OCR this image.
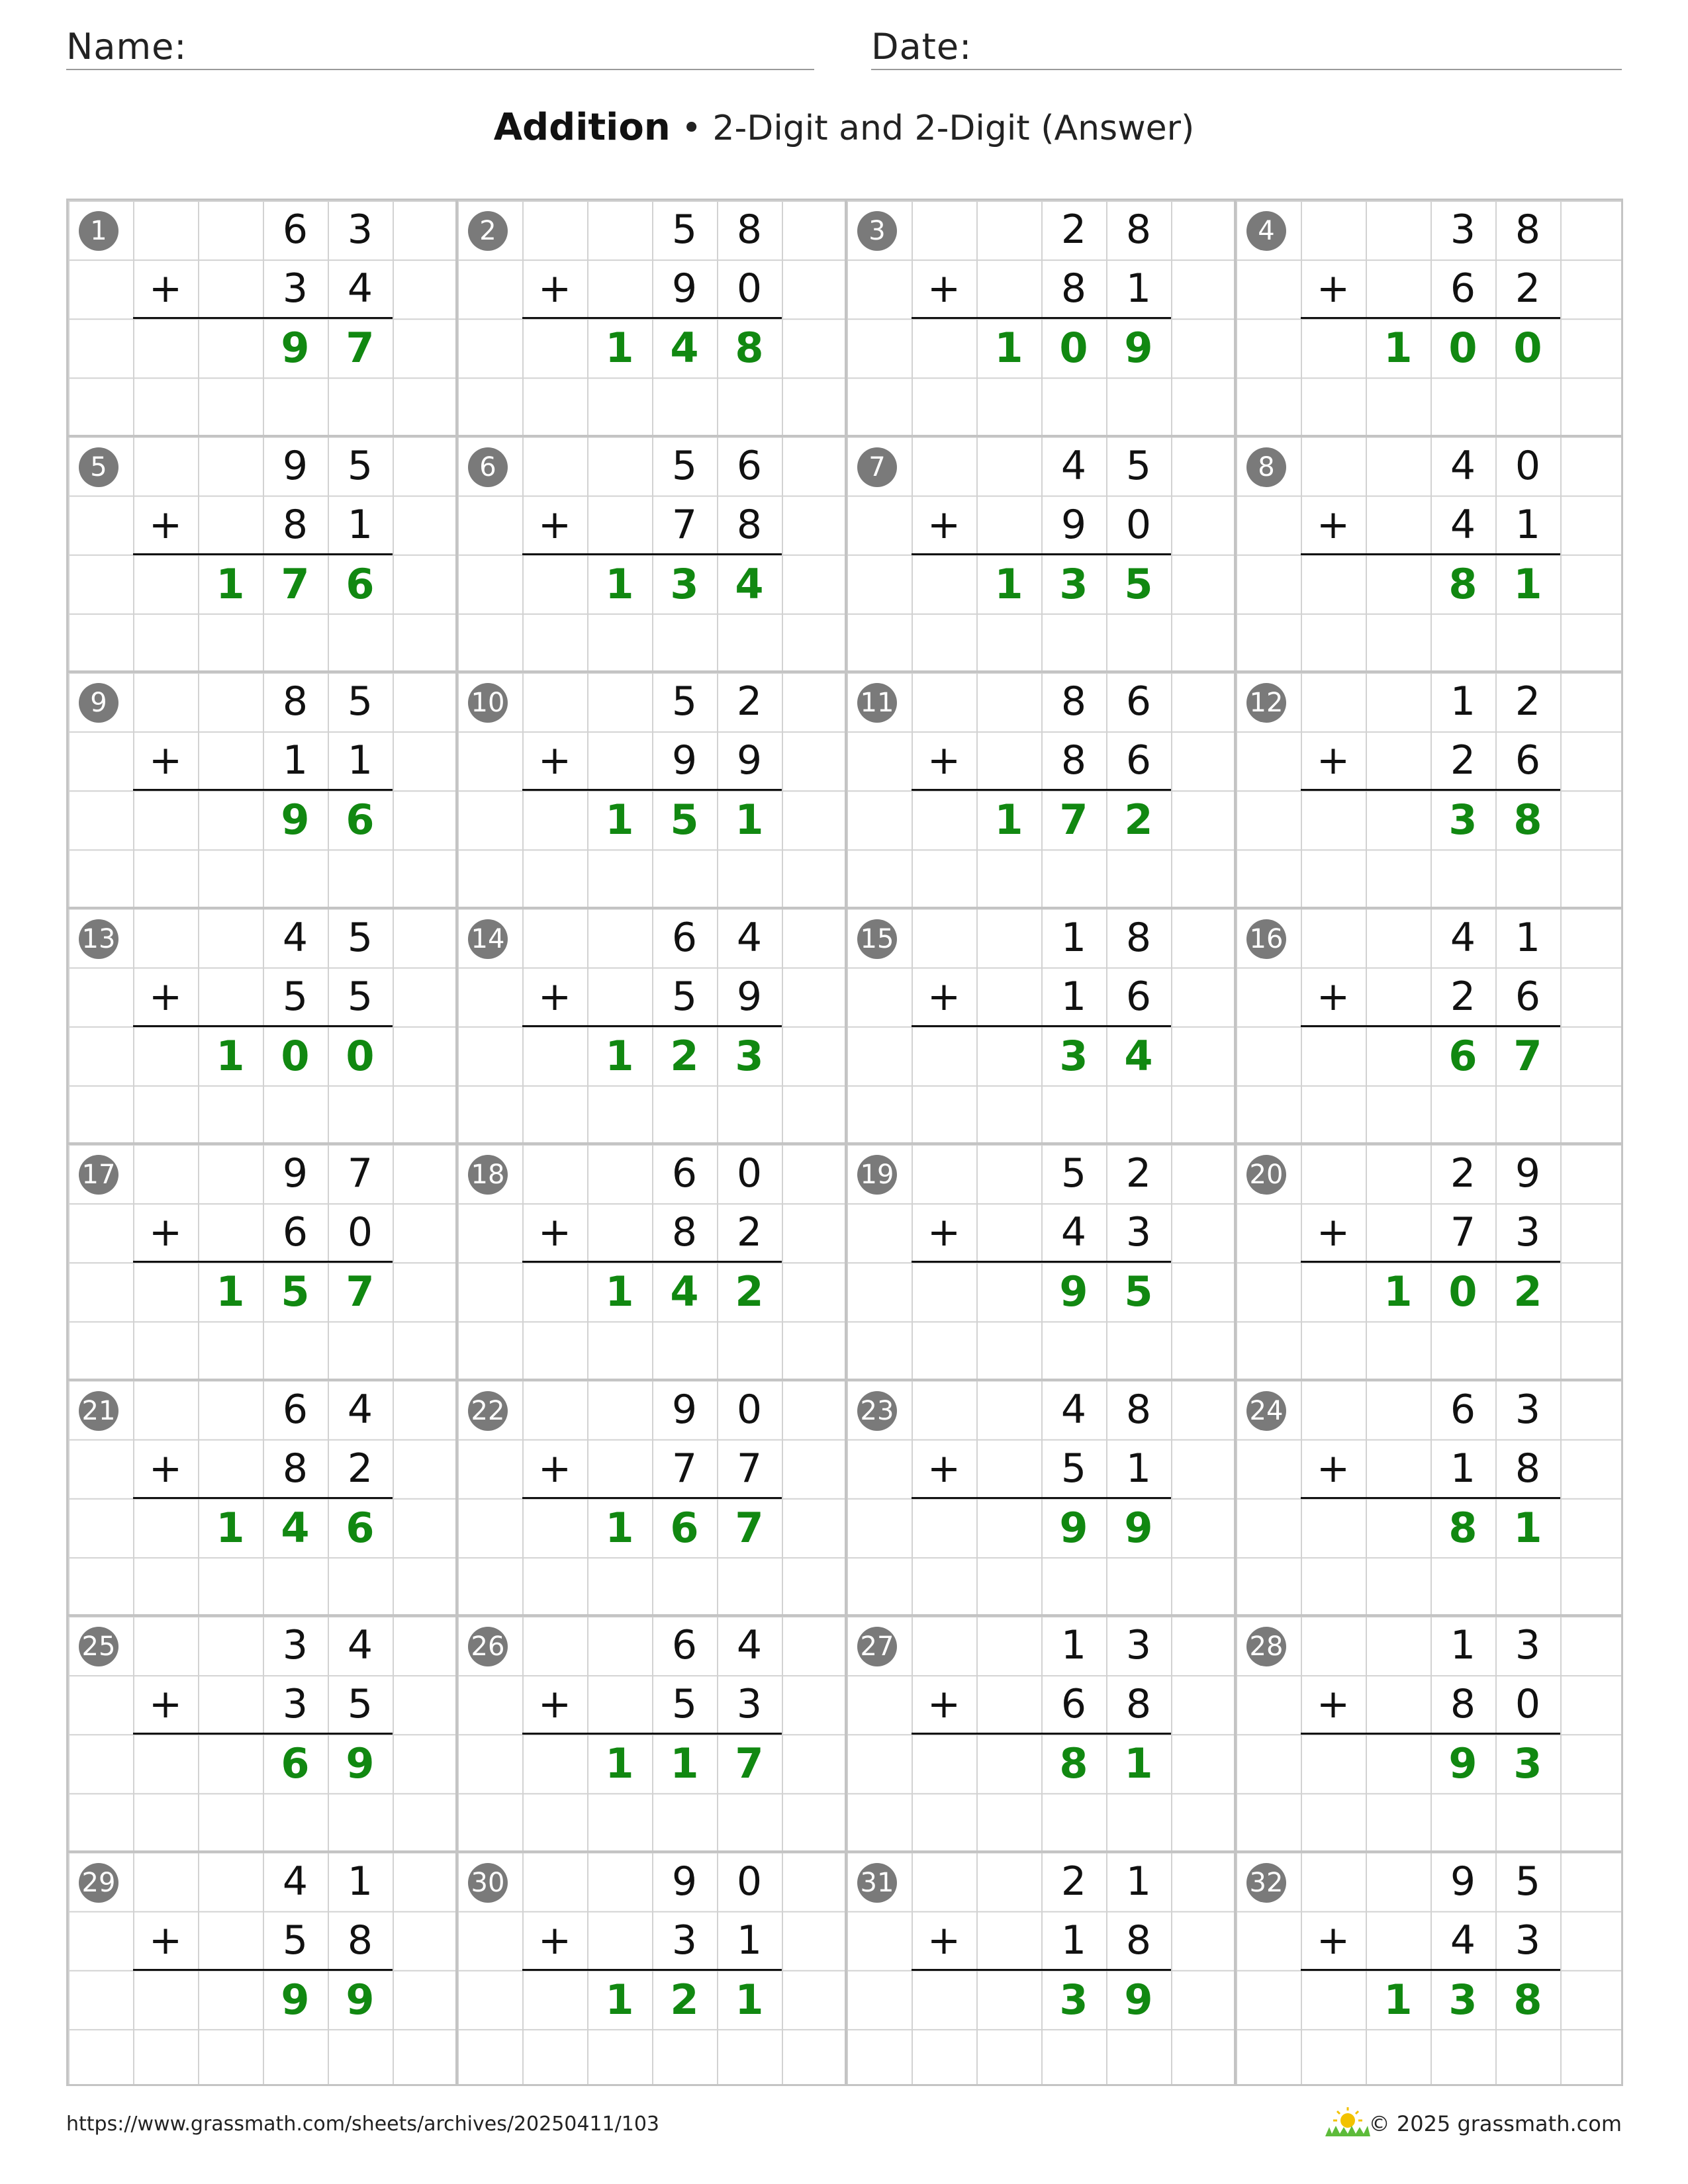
Name:	Date:
Addition • 2-Digit and 2-Digit (Answer)
1	6 3
+	3 4
9 7
2	5 8
+	9 0
1 4 8
3	2 8
+	8 1
1 0 9
4	3 8
+	6 2
1 0 0
5	9 5
+	8 1
1 7 6
6	5 6
+	7 8
1 3 4
7	4 5
+	9 0
1 3 5
8	4 0
+	4 1
8 1
9	8 5
+	1 1
9 6
10	5 2
+	9 9
1 5 1
11	8 6
+	8 6
1 7 2
12	1 2
+	2 6
3 8
13	4 5
+	5 5
1 0 0
14	6 4
+	5 9
1 2 3
15	1 8
+	1 6
3 4
16	4 1
+	2 6
6 7
17	9 7
+	6 0
1 5 7
18	6 0
+	8 2
1 4 2
19	5 2
+	4 3
9 5
20	2 9
+	7 3
1 0 2
21	6 4
+	8 2
1 4 6
22	9 0
+	7 7
1 6 7
23	4 8
+	5 1
9 9
24	6 3
+	1 8
8 1
25	3 4
+	3 5
6 9
26	6 4
+	5 3
1 1 7
27	1 3
+	6 8
8 1
28	1 3
+	8 0
9 3
29	4 1
+	5 8
9 9
30	9 0
+	3 1
1 2 1
31	2 1
+	1 8
3 9
32	9 5
+	4 3
1 3 8
https://www.grassmath.com/sheets/archives/20250411/103	© 2025 grassmath.com
